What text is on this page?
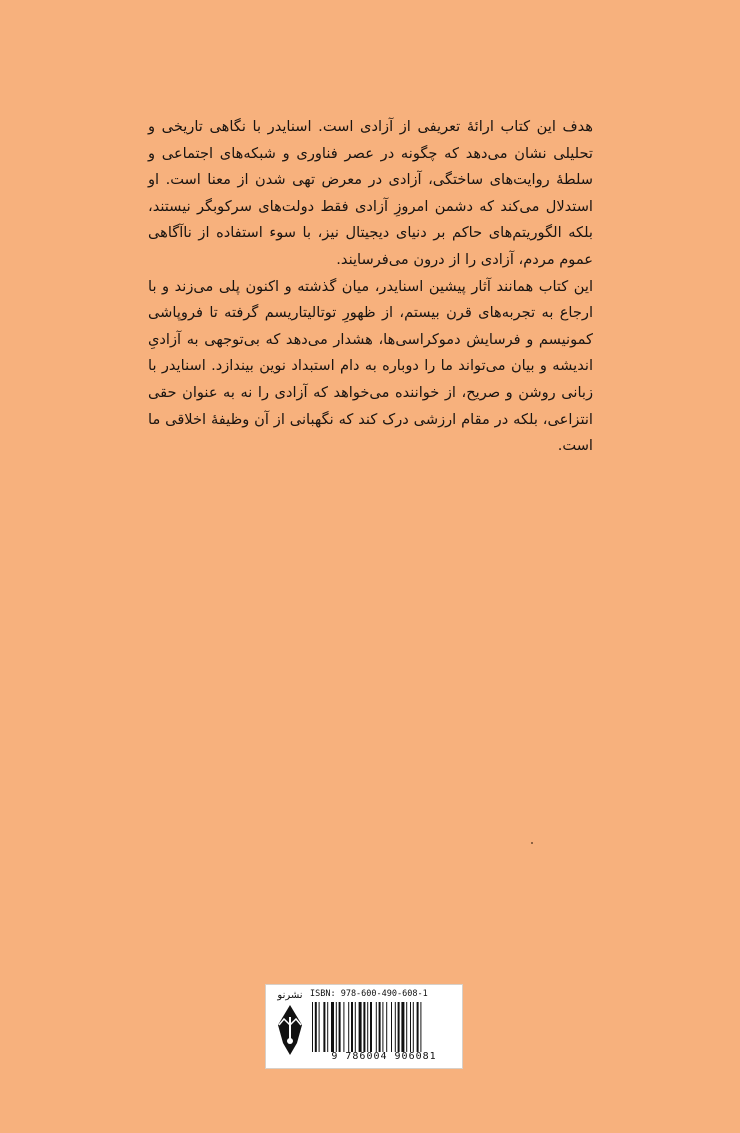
هدف این کتاب ارائهٔ تعریفی از آزادی است. اسنایدر با نگاهی تاریخی و تحلیلی نشان می‌دهد که چگونه در عصر فناوری و شبکه‌های اجتماعی و سلطهٔ روایت‌های ساختگی، آزادی در معرض تهی شدن از معنا است. او استدلال می‌کند که دشمن امروزِ آزادی فقط دولت‌های سرکوبگر نیستند، بلکه الگوریتم‌های حاکم بر دنیای دیجیتال نیز، با سوء استفاده از ناآگاهی عموم مردم، آزادی را از درون می‌فرسایند.

این کتاب همانند آثار پیشین اسنایدر، میان گذشته و اکنون پلی می‌زند و با ارجاع به تجربه‌های قرن بیستم، از ظهورِ توتالیتاریسم گرفته تا فروپاشی کمونیسم و فرسایش دموکراسی‌ها، هشدار می‌دهد که بی‌توجهی به آزادیِ اندیشه و بیان می‌تواند ما را دوباره به دام استبداد نوین بیندازد. اسنایدر با زبانی روشن و صریح، از خواننده می‌خواهد که آزادی را نه به عنوان حقی انتزاعی، بلکه در مقام ارزشی درک کند که نگهبانی از آن وظیفهٔ اخلاقی ما است.

نشرنو ISBN: 978-600-490-608-1
9 786004 906081
